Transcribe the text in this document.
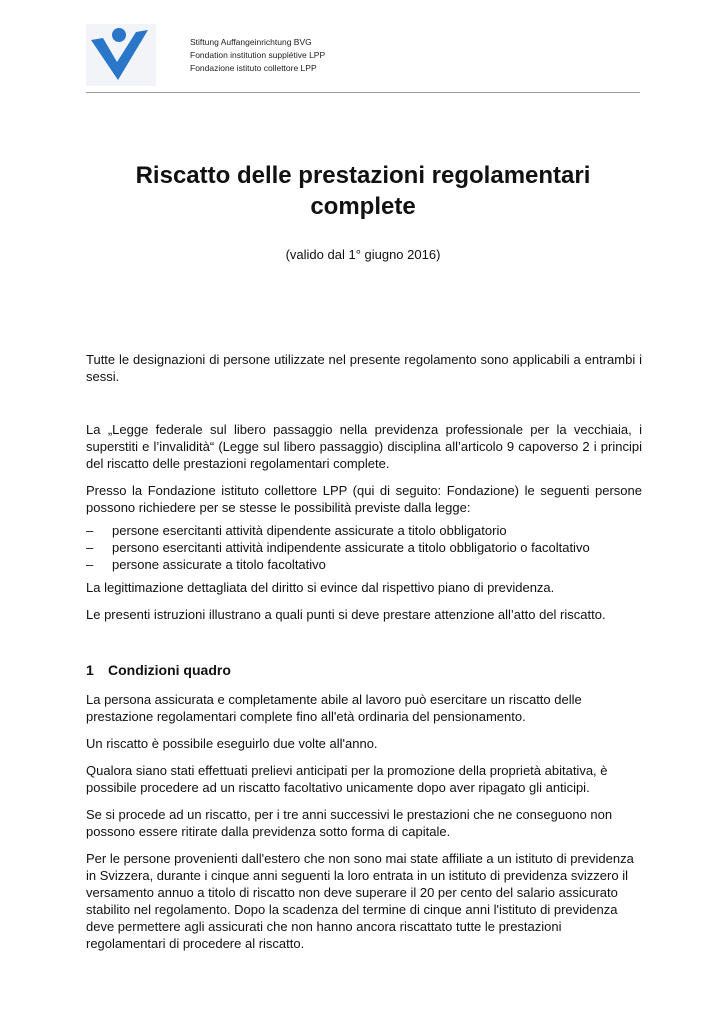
Stiftung Auffangeinrichtung BVG
Fondation institution supplétive LPP
Fondazione istituto collettore LPP
Riscatto delle prestazioni regolamentari complete
(valido dal 1° giugno 2016)

Tutte le designazioni di persone utilizzate nel presente regolamento sono applicabili a entrambi i sessi.

La „Legge federale sul libero passaggio nella previdenza professionale per la vecchiaia, i superstiti e l’invalidità“ (Legge sul libero passaggio) disciplina all’articolo 9 capoverso 2 i principi del riscatto delle prestazioni regolamentari complete.

Presso la Fondazione istituto collettore LPP (qui di seguito: Fondazione) le seguenti persone possono richiedere per se stesse le possibilità previste dalla legge:

– persone esercitanti attività dipendente assicurate a titolo obbligatorio
– persono esercitanti attività indipendente assicurate a titolo obbligatorio o facoltativo
– persone assicurate a titolo facoltativo

La legittimazione dettagliata del diritto si evince dal rispettivo piano di previdenza.

Le presenti istruzioni illustrano a quali punti si deve prestare attenzione all’atto del riscatto.

1 Condizioni quadro

La persona assicurata e completamente abile al lavoro può esercitare un riscatto delle prestazione regolamentari complete fino all'età ordinaria del pensionamento.

Un riscatto è possibile eseguirlo due volte all'anno.

Qualora siano stati effettuati prelievi anticipati per la promozione della proprietà abitativa, è possibile procedere ad un riscatto facoltativo unicamente dopo aver ripagato gli anticipi.

Se si procede ad un riscatto, per i tre anni successivi le prestazioni che ne conseguono non possono essere ritirate dalla previdenza sotto forma di capitale.

Per le persone provenienti dall'estero che non sono mai state affiliate a un istituto di previdenza in Svizzera, durante i cinque anni seguenti la loro entrata in un istituto di previdenza svizzero il versamento annuo a titolo di riscatto non deve superare il 20 per cento del salario assicurato stabilito nel regolamento. Dopo la scadenza del termine di cinque anni l'istituto di previdenza deve permettere agli assicurati che non hanno ancora riscattato tutte le prestazioni regolamentari di procedere al riscatto.
